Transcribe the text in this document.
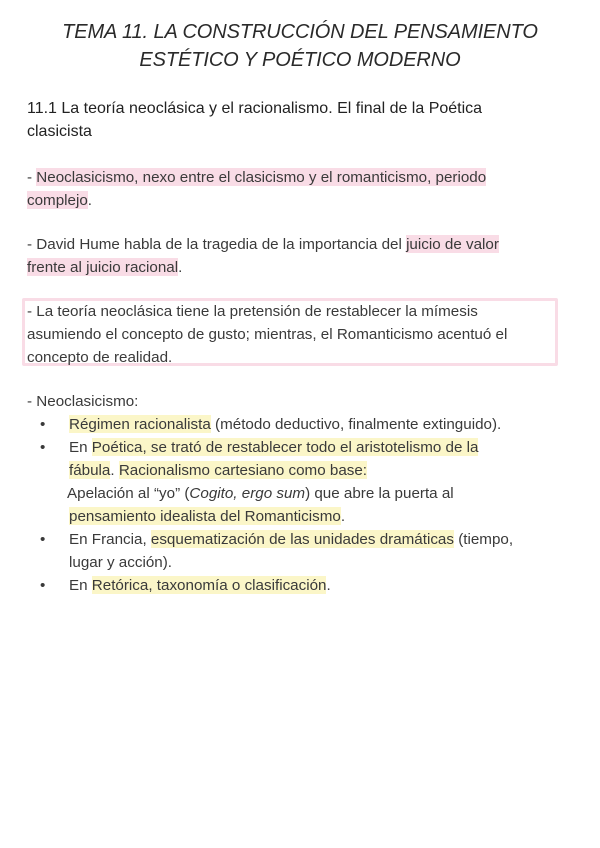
TEMA 11. LA CONSTRUCCIÓN DEL PENSAMIENTO
ESTÉTICO Y POÉTICO MODERNO
11.1 La teoría neoclásica y el racionalismo. El final de la Poética
clasicista
- Neoclasicismo, nexo entre el clasicismo y el romanticismo, periodo
complejo.
- David Hume habla de la tragedia de la importancia del juicio de valor
frente al juicio racional.
- La teoría neoclásica tiene la pretensión de restablecer la mímesis
asumiendo el concepto de gusto; mientras, el Romanticismo acentuó el
concepto de realidad.
- Neoclasicismo:
• Régimen racionalista (método deductivo, finalmente extinguido).
• En Poética, se trató de restablecer todo el aristotelismo de la
fábula. Racionalismo cartesiano como base:
Apelación al “yo” (Cogito, ergo sum) que abre la puerta al
pensamiento idealista del Romanticismo.
• En Francia, esquematización de las unidades dramáticas (tiempo,
lugar y acción).
• En Retórica, taxonomía o clasificación.
